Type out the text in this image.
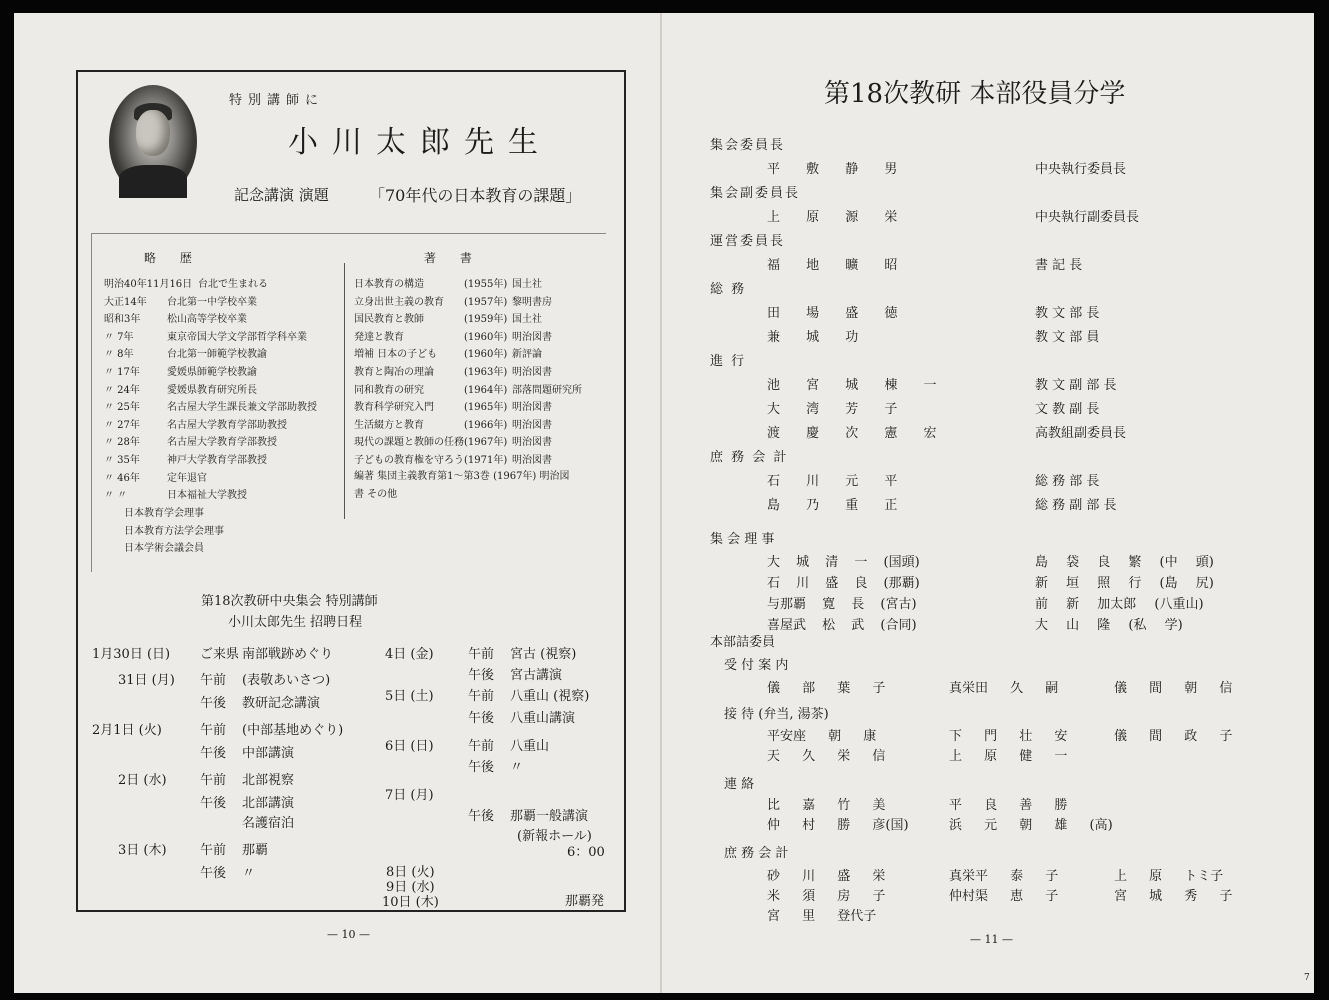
特別講師に
小川太郎先生
記念講演 演題	「70年代の日本教育の課題」
略 歴	著 書
明治40年11月16日 台北で生まれる
大正14年 台北第一中学校卒業
昭和3年	松山高等学校卒業
〃 7年	東京帝国大学文学部哲学科卒業
〃 8年	台北第一師範学校教諭
〃 17年	愛媛県師範学校教諭
〃 24年	愛媛県教育研究所長
〃 25年	名古屋大学生課長兼文学部助教授
〃 27年	名古屋大学教育学部助教授
〃 28年	名古屋大学教育学部教授
〃 35年	神戸大学教育学部教授
〃 46年	定年退官
〃 〃	日本福祉大学教授
日本教育学会理事
日本教育方法学会理事
日本学術会議会員
日本教育の構造	(1955年) 国土社
立身出世主義の教育 (1957年) 黎明書房
国民教育と教師	(1959年) 国土社
発達と教育	(1960年) 明治図書
増補 日本の子ども	(1960年) 新評論
教育と陶冶の理論	(1963年) 明治図書
同和教育の研究	(1964年) 部落問題研究所
教育科学研究入門	(1965年) 明治図書
生活綴方と教育	(1966年) 明治図書
現代の課題と教師の任務 (1967年) 明治図書
子どもの教育権を守ろう (1971年) 明治図書
編著 集団主義教育第1〜第3巻 (1967年) 明治図
書 その他
第18次教研中央集会 特別講師
小川太郎先生 招聘日程
1月30日 (日) ご来県 南部戦跡めぐり
31日 (月) 午前 (表敬あいさつ)
午後 教研記念講演
2月1日 (火)	午前 (中部基地めぐり)
午後 中部講演
2日 (水)	午前 北部視察
午後 北部講演
名護宿泊
3日 (木)	午前 那覇
午後 〃
4日 (金)	午前 宮古 (視察)
午後 宮古講演
5日 (土)	午前 八重山 (視察)
午後 八重山講演
6日 (日)	午前 八重山
午後 〃
7日 (月)
午後 那覇一般講演
(新報ホール)
6：00
8日 (火)
9日 (水)
10日 (木)	那覇発
— 10 —
第18次教研 本部役員分学
集会委員長
平 敷 静 男	中央執行委員長
集会副委員長
上 原 源 栄	中央執行副委員長
運営委員長
福 地 曠 昭	書 記 長
総 務
田 場 盛 徳	教 文 部 長
兼 城 功	教 文 部 員
進 行
池 宮 城 棟 一	教 文 副 部 長
大 湾 芳 子	文 教 副 長
渡 慶 次 憲 宏	高教組副委員長
庶 務 会 計
石 川 元 平	総 務 部 長
島 乃 重 正	総 務 副 部 長
集 会 理 事
大 城 清 一 (国頭)	島 袋 良 繁 (中 頭)
石 川 盛 良 (那覇)	新 垣 照 行 (島 尻)
与那覇 寛 長 (宮古)	前 新 加太郎 (八重山)
喜屋武 松 武 (合同)	大 山 隆 (私 学)
本部詰委員
受 付 案 内
儀 部 葉 子	真栄田 久 嗣	儀 間 朝 信
接 待 (弁当, 湯茶)
平安座 朝 康	下 門 壮 安	儀 間 政 子
天 久 栄 信	上 原 健 一
連 絡
比 嘉 竹 美	平 良 善 勝
仲 村 勝 彦(国)	浜 元 朝 雄 (高)
庶 務 会 計
砂 川 盛 栄	真栄平 泰 子	上 原 トミ子
米 須 房 子	仲村渠 恵 子	宮 城 秀 子
宮 里 登代子
— 11 —
7
